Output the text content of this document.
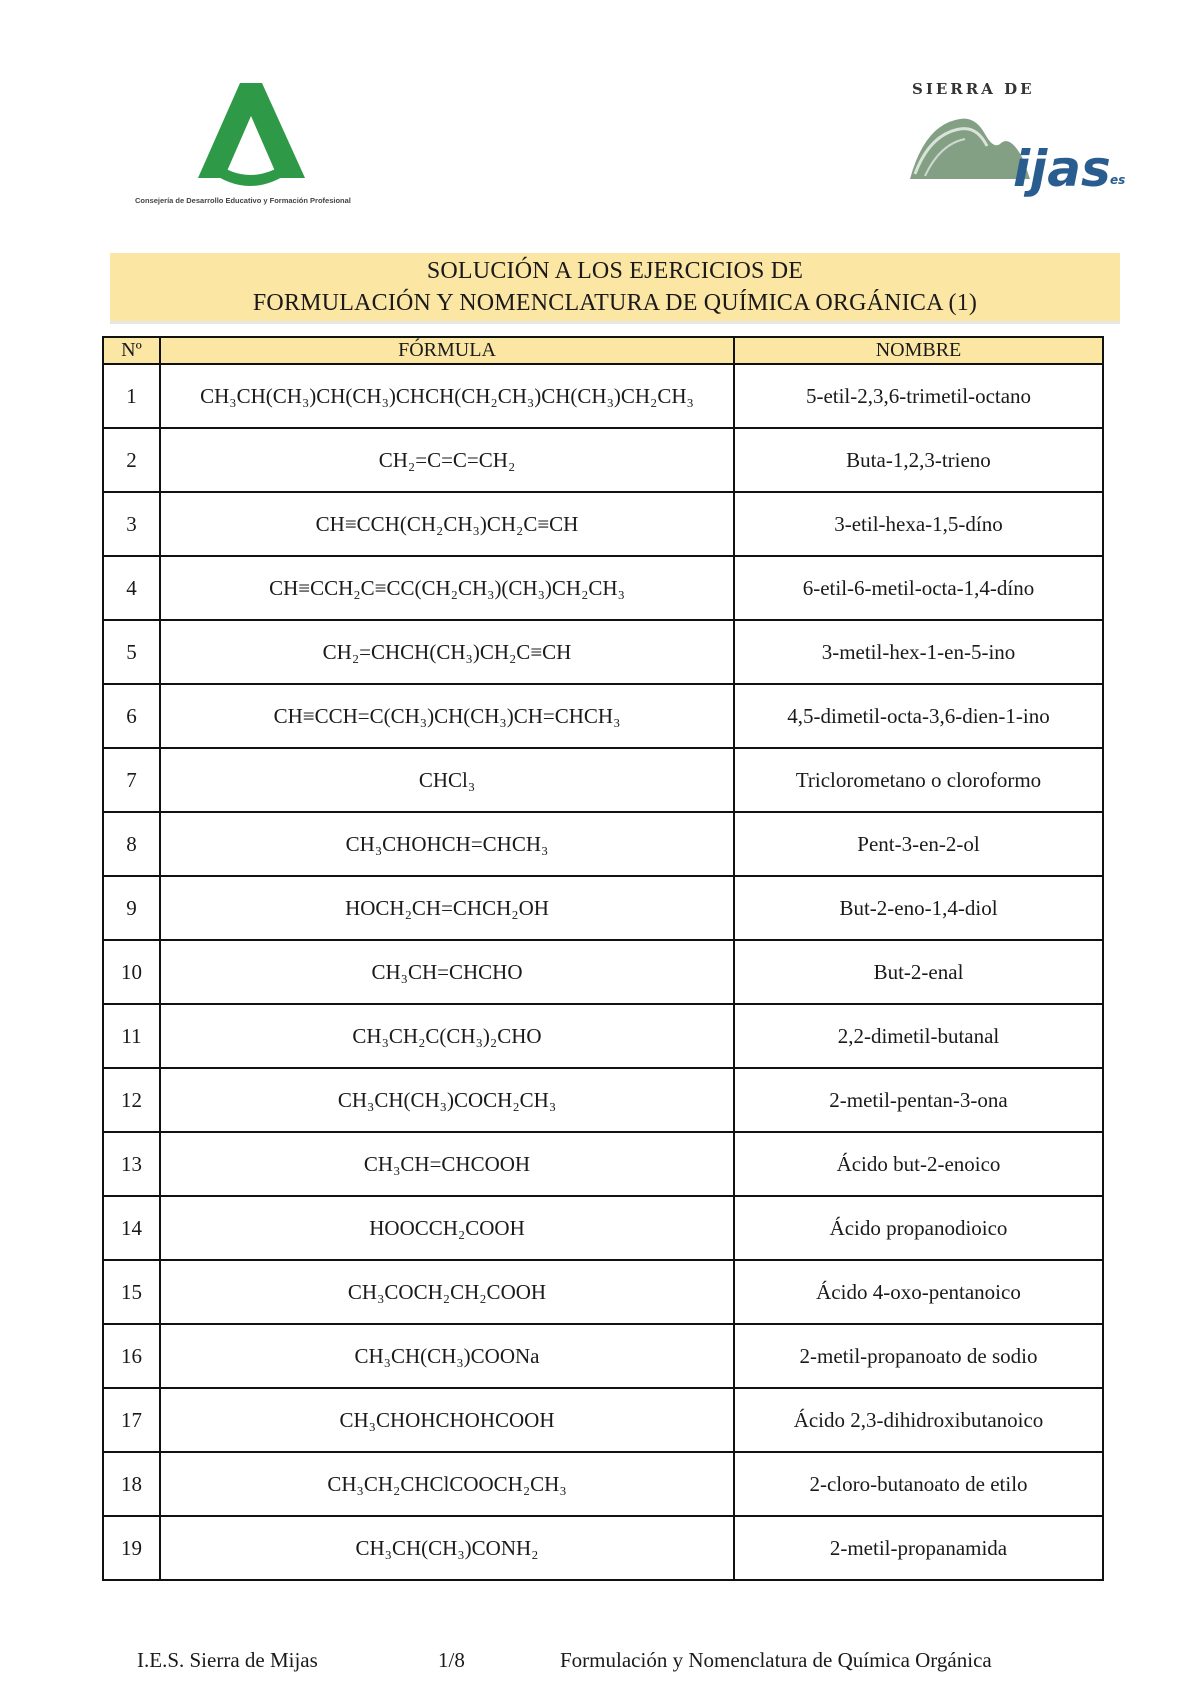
Consejería de Desarrollo Educativo y Formación Profesional
SIERRA DE
ijas es
SOLUCIÓN A LOS EJERCICIOS DE
FORMULACIÓN Y NOMENCLATURA DE QUÍMICA ORGÁNICA (1)
Nº	FÓRMULA	NOMBRE
1	CH₃CH(CH₃)CH(CH₃)CHCH(CH₂CH₃)CH(CH₃)CH₂CH₃	5-etil-2,3,6-trimetil-octano
2	CH₂=C=C=CH₂	Buta-1,2,3-trieno
3	CH≡CCH(CH₂CH₃)CH₂C≡CH	3-etil-hexa-1,5-díno
4	CH≡CCH₂C≡CC(CH₂CH₃)(CH₃)CH₂CH₃	6-etil-6-metil-octa-1,4-díno
5	CH₂=CHCH(CH₃)CH₂C≡CH	3-metil-hex-1-en-5-ino
6	CH≡CCH=C(CH₃)CH(CH₃)CH=CHCH₃	4,5-dimetil-octa-3,6-dien-1-ino
7	CHCl₃	Triclorometano o cloroformo
8	CH₃CHOHCH=CHCH₃	Pent-3-en-2-ol
9	HOCH₂CH=CHCH₂OH	But-2-eno-1,4-diol
10	CH₃CH=CHCHO	But-2-enal
11	CH₃CH₂C(CH₃)₂CHO	2,2-dimetil-butanal
12	CH₃CH(CH₃)COCH₂CH₃	2-metil-pentan-3-ona
13	CH₃CH=CHCOOH	Ácido but-2-enoico
14	HOOCCH₂COOH	Ácido propanodioico
15	CH₃COCH₂CH₂COOH	Ácido 4-oxo-pentanoico
16	CH₃CH(CH₃)COONa	2-metil-propanoato de sodio
17	CH₃CHOHCHOHCOOH	Ácido 2,3-dihidroxibutanoico
18	CH₃CH₂CHClCOOCH₂CH₃	2-cloro-butanoato de etilo
19	CH₃CH(CH₃)CONH₂	2-metil-propanamida
I.E.S. Sierra de Mijas	1/8	Formulación y Nomenclatura de Química Orgánica
